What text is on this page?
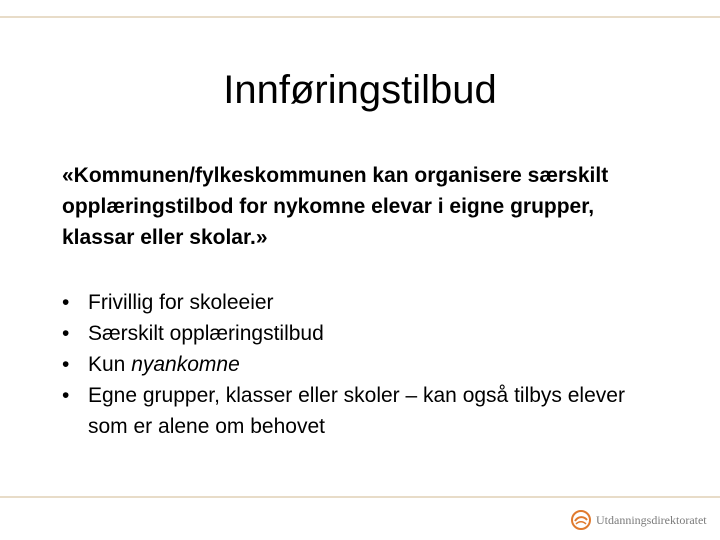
Innføringstilbud

«Kommunen/fylkeskommunen kan organisere særskilt opplæringstilbod for nykomne elevar i eigne grupper, klassar eller skolar.»

• Frivillig for skoleeier
• Særskilt opplæringstilbud
• Kun nyankomne
• Egne grupper, klasser eller skoler – kan også tilbys elever som er alene om behovet
Utdanningsdirektoratet
